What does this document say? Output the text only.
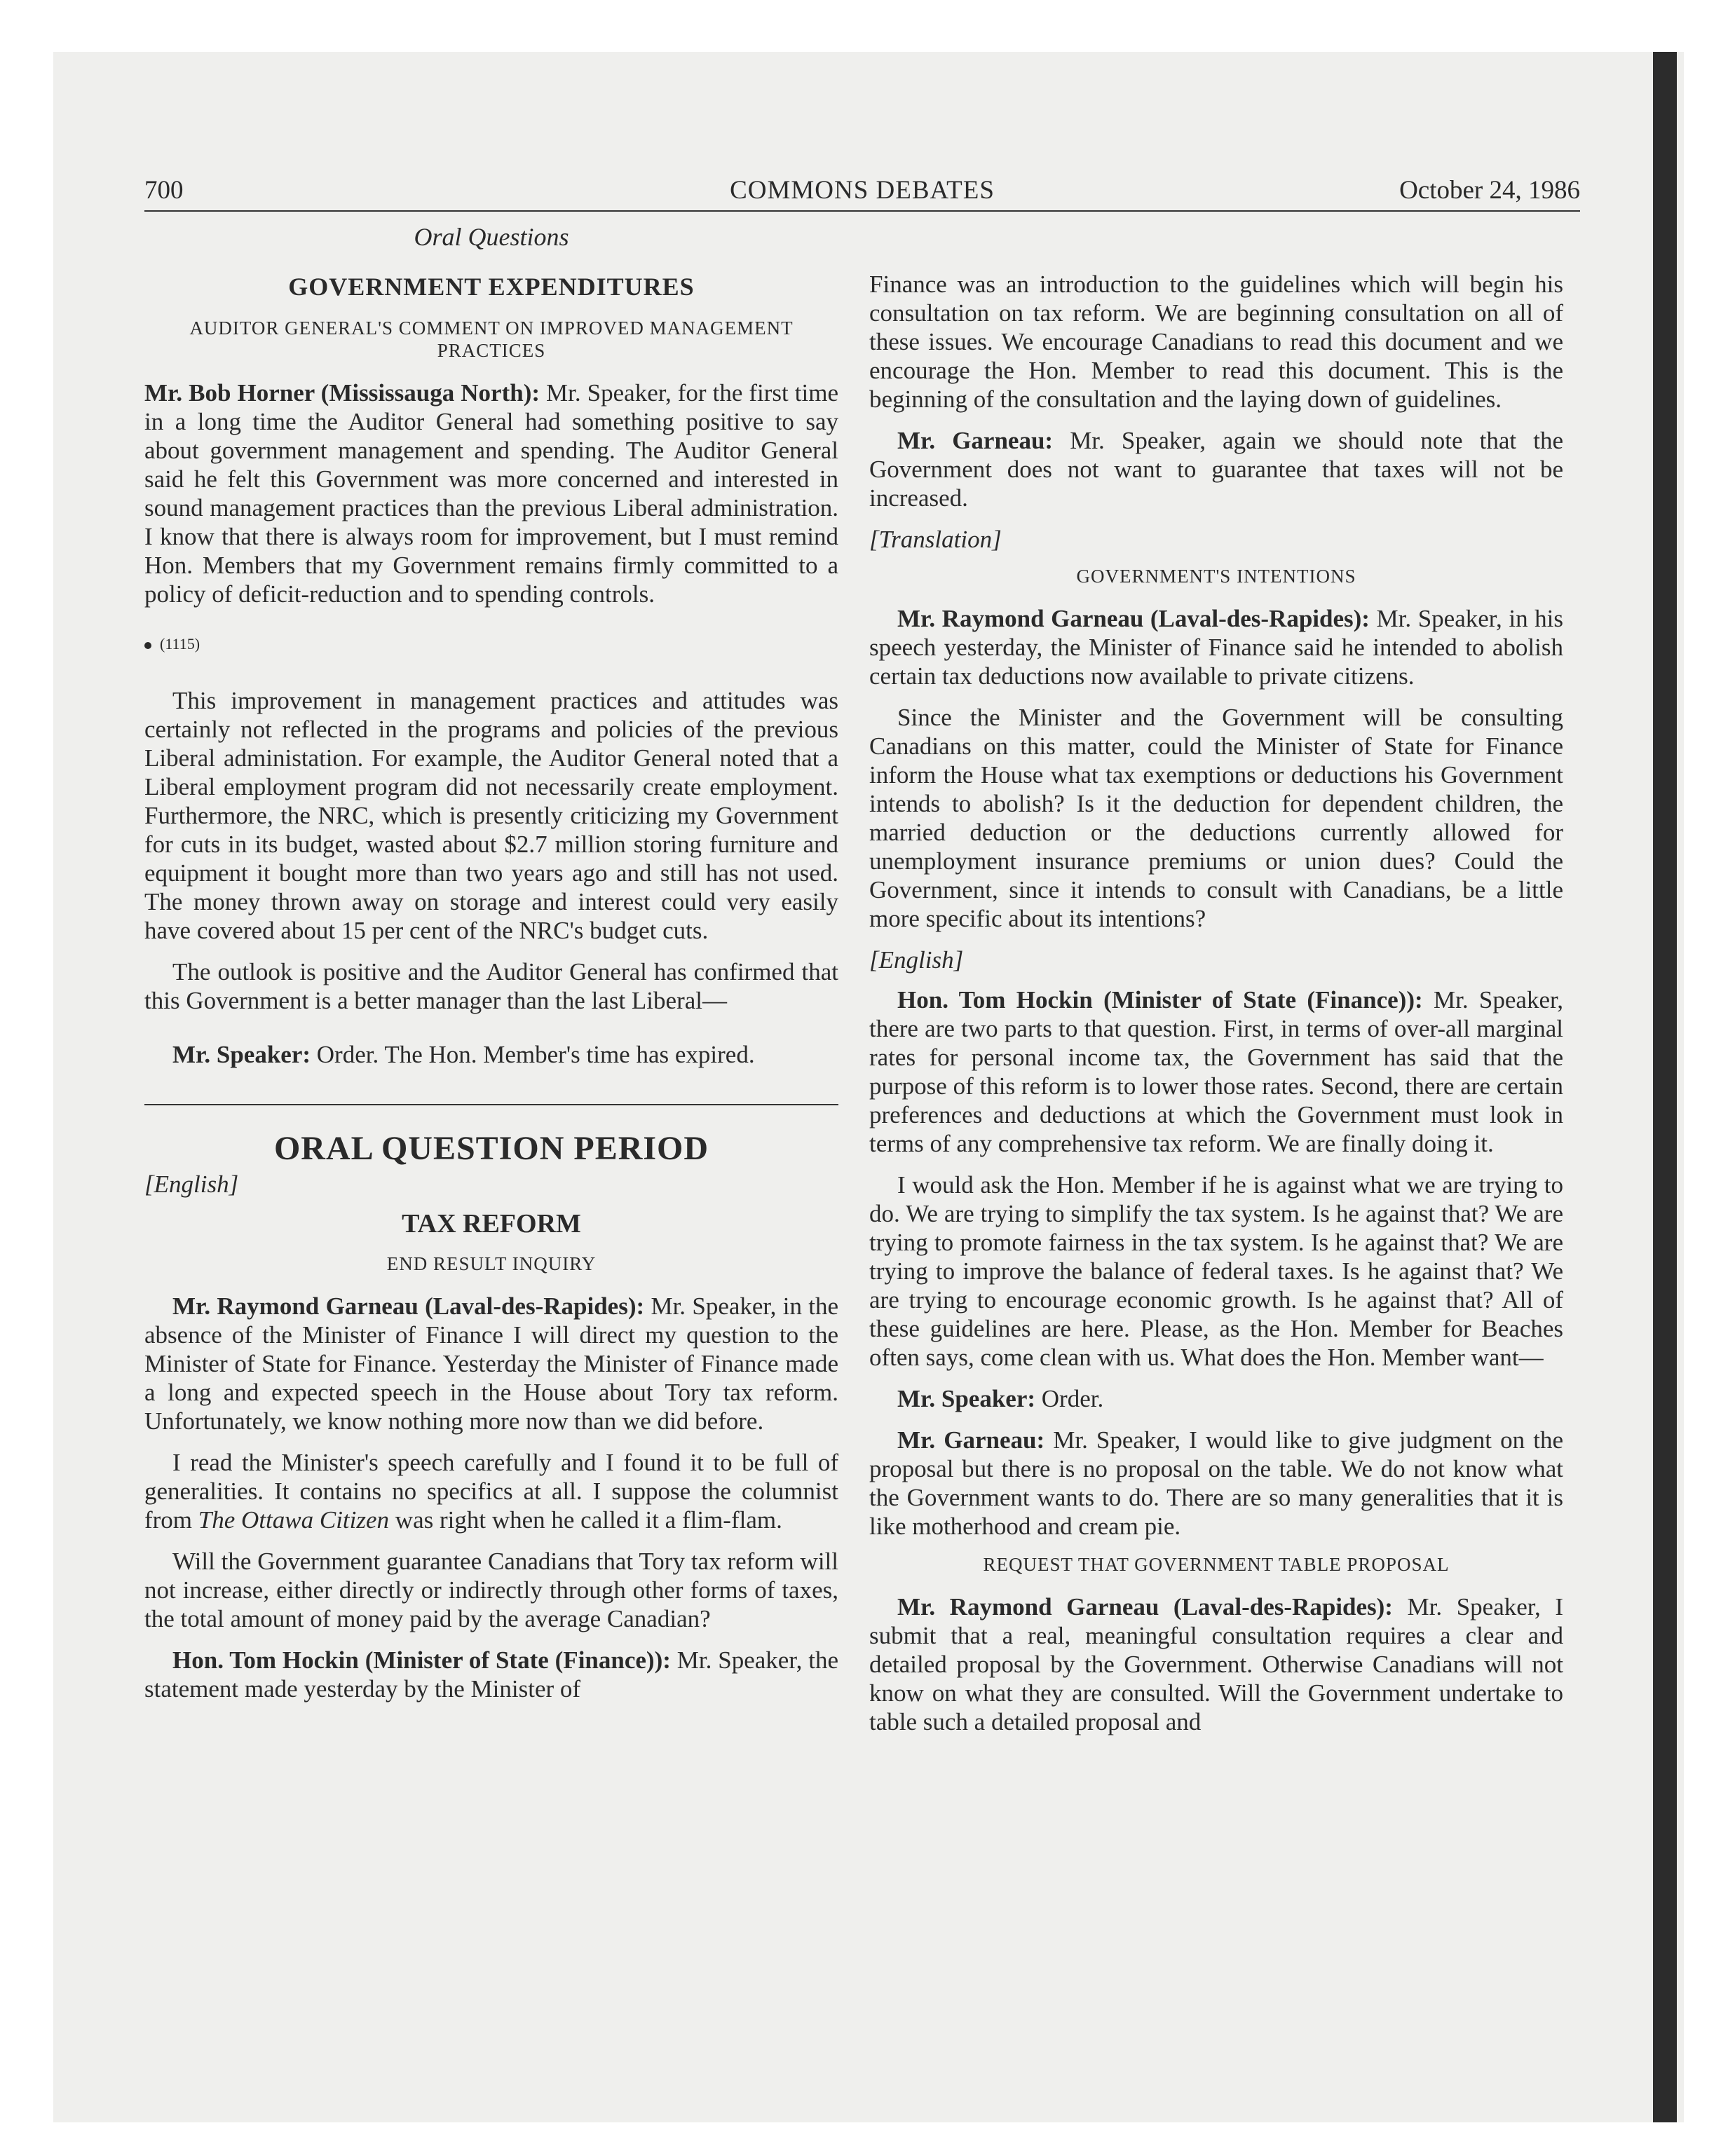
700	COMMONS DEBATES	October 24, 1986
Oral Questions
GOVERNMENT EXPENDITURES
AUDITOR GENERAL'S COMMENT ON IMPROVED MANAGEMENT PRACTICES

Mr. Bob Horner (Mississauga North): Mr. Speaker, for the first time in a long time the Auditor General had something positive to say about government management and spending. The Auditor General said he felt this Government was more concerned and interested in sound management practices than the previous Liberal administration. I know that there is always room for improvement, but I must remind Hon. Members that my Government remains firmly committed to a policy of deficit-reduction and to spending controls.

(1115)

This improvement in management practices and attitudes was certainly not reflected in the programs and policies of the previous Liberal administation. For example, the Auditor General noted that a Liberal employment program did not necessarily create employment. Furthermore, the NRC, which is presently criticizing my Government for cuts in its budget, wasted about $2.7 million storing furniture and equipment it bought more than two years ago and still has not used. The money thrown away on storage and interest could very easily have covered about 15 per cent of the NRC's budget cuts.

The outlook is positive and the Auditor General has confirmed that this Government is a better manager than the last Liberal—

Mr. Speaker: Order. The Hon. Member's time has expired.

ORAL QUESTION PERIOD
[English]
TAX REFORM
END RESULT INQUIRY

Mr. Raymond Garneau (Laval-des-Rapides): Mr. Speaker, in the absence of the Minister of Finance I will direct my question to the Minister of State for Finance. Yesterday the Minister of Finance made a long and expected speech in the House about Tory tax reform. Unfortunately, we know nothing more now than we did before.

I read the Minister's speech carefully and I found it to be full of generalities. It contains no specifics at all. I suppose the columnist from The Ottawa Citizen was right when he called it a flim-flam.

Will the Government guarantee Canadians that Tory tax reform will not increase, either directly or indirectly through other forms of taxes, the total amount of money paid by the average Canadian?

Hon. Tom Hockin (Minister of State (Finance)): Mr. Speaker, the statement made yesterday by the Minister of

Finance was an introduction to the guidelines which will begin his consultation on tax reform. We are beginning consultation on all of these issues. We encourage Canadians to read this document and we encourage the Hon. Member to read this document. This is the beginning of the consultation and the laying down of guidelines.

Mr. Garneau: Mr. Speaker, again we should note that the Government does not want to guarantee that taxes will not be increased.

[Translation]
GOVERNMENT'S INTENTIONS

Mr. Raymond Garneau (Laval-des-Rapides): Mr. Speaker, in his speech yesterday, the Minister of Finance said he intended to abolish certain tax deductions now available to private citizens.

Since the Minister and the Government will be consulting Canadians on this matter, could the Minister of State for Finance inform the House what tax exemptions or deductions his Government intends to abolish? Is it the deduction for dependent children, the married deduction or the deductions currently allowed for unemployment insurance premiums or union dues? Could the Government, since it intends to consult with Canadians, be a little more specific about its intentions?

[English]

Hon. Tom Hockin (Minister of State (Finance)): Mr. Speaker, there are two parts to that question. First, in terms of over-all marginal rates for personal income tax, the Government has said that the purpose of this reform is to lower those rates. Second, there are certain preferences and deductions at which the Government must look in terms of any comprehensive tax reform. We are finally doing it.

I would ask the Hon. Member if he is against what we are trying to do. We are trying to simplify the tax system. Is he against that? We are trying to promote fairness in the tax system. Is he against that? We are trying to improve the balance of federal taxes. Is he against that? We are trying to encourage economic growth. Is he against that? All of these guidelines are here. Please, as the Hon. Member for Beaches often says, come clean with us. What does the Hon. Member want—

Mr. Speaker: Order.

Mr. Garneau: Mr. Speaker, I would like to give judgment on the proposal but there is no proposal on the table. We do not know what the Government wants to do. There are so many generalities that it is like motherhood and cream pie.

REQUEST THAT GOVERNMENT TABLE PROPOSAL

Mr. Raymond Garneau (Laval-des-Rapides): Mr. Speaker, I submit that a real, meaningful consultation requires a clear and detailed proposal by the Government. Otherwise Canadians will not know on what they are consulted. Will the Government undertake to table such a detailed proposal and
